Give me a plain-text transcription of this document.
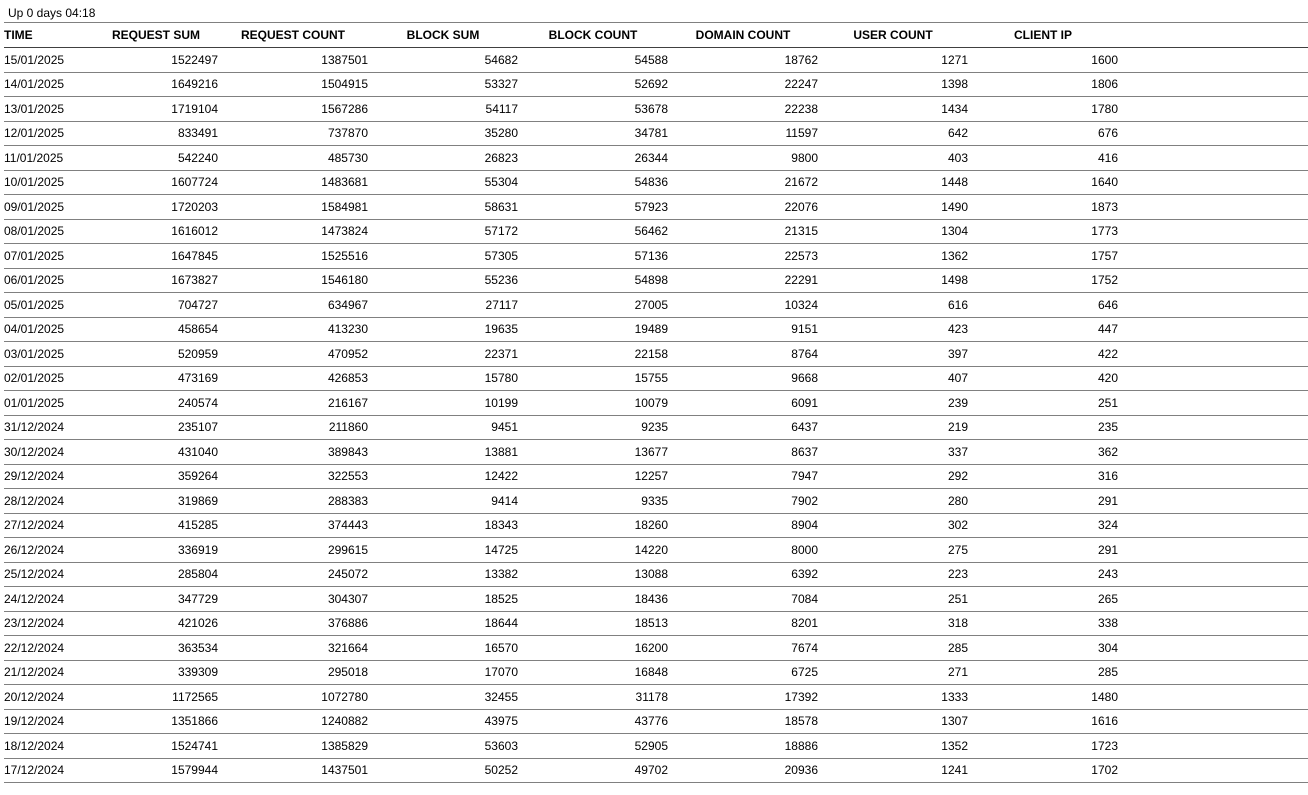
Up 0 days 04:18
TIME	REQUEST SUM	REQUEST COUNT	BLOCK SUM	BLOCK COUNT	DOMAIN COUNT	USER COUNT	CLIENT IP	
15/01/2025	1522497	1387501	54682	54588	18762	1271	1600	
14/01/2025	1649216	1504915	53327	52692	22247	1398	1806	
13/01/2025	1719104	1567286	54117	53678	22238	1434	1780	
12/01/2025	833491	737870	35280	34781	11597	642	676	
11/01/2025	542240	485730	26823	26344	9800	403	416	
10/01/2025	1607724	1483681	55304	54836	21672	1448	1640	
09/01/2025	1720203	1584981	58631	57923	22076	1490	1873	
08/01/2025	1616012	1473824	57172	56462	21315	1304	1773	
07/01/2025	1647845	1525516	57305	57136	22573	1362	1757	
06/01/2025	1673827	1546180	55236	54898	22291	1498	1752	
05/01/2025	704727	634967	27117	27005	10324	616	646	
04/01/2025	458654	413230	19635	19489	9151	423	447	
03/01/2025	520959	470952	22371	22158	8764	397	422	
02/01/2025	473169	426853	15780	15755	9668	407	420	
01/01/2025	240574	216167	10199	10079	6091	239	251	
31/12/2024	235107	211860	9451	9235	6437	219	235	
30/12/2024	431040	389843	13881	13677	8637	337	362	
29/12/2024	359264	322553	12422	12257	7947	292	316	
28/12/2024	319869	288383	9414	9335	7902	280	291	
27/12/2024	415285	374443	18343	18260	8904	302	324	
26/12/2024	336919	299615	14725	14220	8000	275	291	
25/12/2024	285804	245072	13382	13088	6392	223	243	
24/12/2024	347729	304307	18525	18436	7084	251	265	
23/12/2024	421026	376886	18644	18513	8201	318	338	
22/12/2024	363534	321664	16570	16200	7674	285	304	
21/12/2024	339309	295018	17070	16848	6725	271	285	
20/12/2024	1172565	1072780	32455	31178	17392	1333	1480	
19/12/2024	1351866	1240882	43975	43776	18578	1307	1616	
18/12/2024	1524741	1385829	53603	52905	18886	1352	1723	
17/12/2024	1579944	1437501	50252	49702	20936	1241	1702	
